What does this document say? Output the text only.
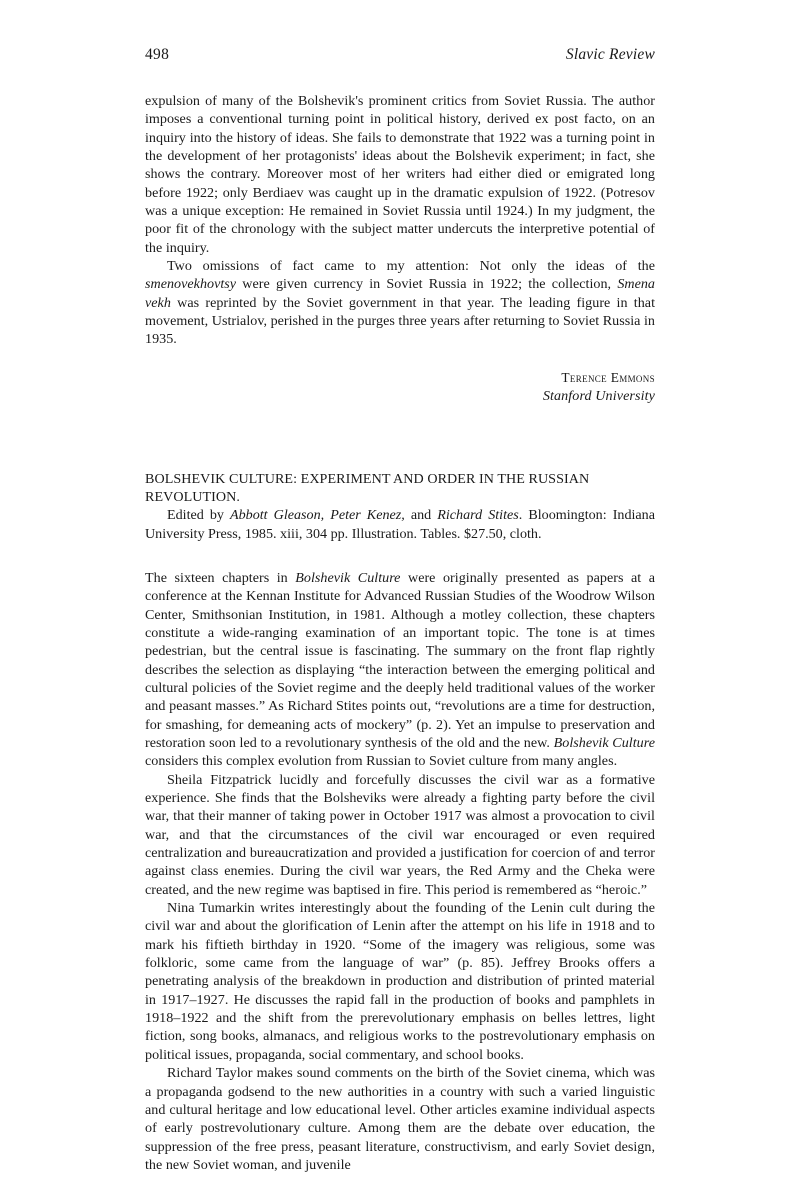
498	Slavic Review

expulsion of many of the Bolshevik's prominent critics from Soviet Russia. The author imposes a conventional turning point in political history, derived ex post facto, on an inquiry into the history of ideas. She fails to demonstrate that 1922 was a turning point in the development of her protagonists' ideas about the Bolshevik experiment; in fact, she shows the contrary. Moreover most of her writers had either died or emigrated long before 1922; only Berdiaev was caught up in the dramatic expulsion of 1922. (Potresov was a unique exception: He remained in Soviet Russia until 1924.) In my judgment, the poor fit of the chronology with the subject matter undercuts the interpretive potential of the inquiry.

Two omissions of fact came to my attention: Not only the ideas of the smenovekhovtsy were given currency in Soviet Russia in 1922; the collection, Smena vekh was reprinted by the Soviet government in that year. The leading figure in that movement, Ustrialov, perished in the purges three years after returning to Soviet Russia in 1935.

Terence Emmons
Stanford University

BOLSHEVIK CULTURE: EXPERIMENT AND ORDER IN THE RUSSIAN REVOLUTION.

Edited by Abbott Gleason, Peter Kenez, and Richard Stites. Bloomington: Indiana University Press, 1985. xiii, 304 pp. Illustration. Tables. $27.50, cloth.

The sixteen chapters in Bolshevik Culture were originally presented as papers at a conference at the Kennan Institute for Advanced Russian Studies of the Woodrow Wilson Center, Smithsonian Institution, in 1981. Although a motley collection, these chapters constitute a wide-ranging examination of an important topic. The tone is at times pedestrian, but the central issue is fascinating. The summary on the front flap rightly describes the selection as displaying “the interaction between the emerging political and cultural policies of the Soviet regime and the deeply held traditional values of the worker and peasant masses.” As Richard Stites points out, “revolutions are a time for destruction, for smashing, for demeaning acts of mockery” (p. 2). Yet an impulse to preservation and restoration soon led to a revolutionary synthesis of the old and the new. Bolshevik Culture considers this complex evolution from Russian to Soviet culture from many angles.

Sheila Fitzpatrick lucidly and forcefully discusses the civil war as a formative experience. She finds that the Bolsheviks were already a fighting party before the civil war, that their manner of taking power in October 1917 was almost a provocation to civil war, and that the circumstances of the civil war encouraged or even required centralization and bureaucratization and provided a justification for coercion of and terror against class enemies. During the civil war years, the Red Army and the Cheka were created, and the new regime was baptised in fire. This period is remembered as “heroic.”

Nina Tumarkin writes interestingly about the founding of the Lenin cult during the civil war and about the glorification of Lenin after the attempt on his life in 1918 and to mark his fiftieth birthday in 1920. “Some of the imagery was religious, some was folkloric, some came from the language of war” (p. 85). Jeffrey Brooks offers a penetrating analysis of the breakdown in production and distribution of printed material in 1917–1927. He discusses the rapid fall in the production of books and pamphlets in 1918–1922 and the shift from the prerevolutionary emphasis on belles lettres, light fiction, song books, almanacs, and religious works to the postrevolutionary emphasis on political issues, propaganda, social commentary, and school books.

Richard Taylor makes sound comments on the birth of the Soviet cinema, which was a propaganda godsend to the new authorities in a country with such a varied linguistic and cultural heritage and low educational level. Other articles examine individual aspects of early postrevolutionary culture. Among them are the debate over education, the suppression of the free press, peasant literature, constructivism, and early Soviet design, the new Soviet woman, and juvenile
